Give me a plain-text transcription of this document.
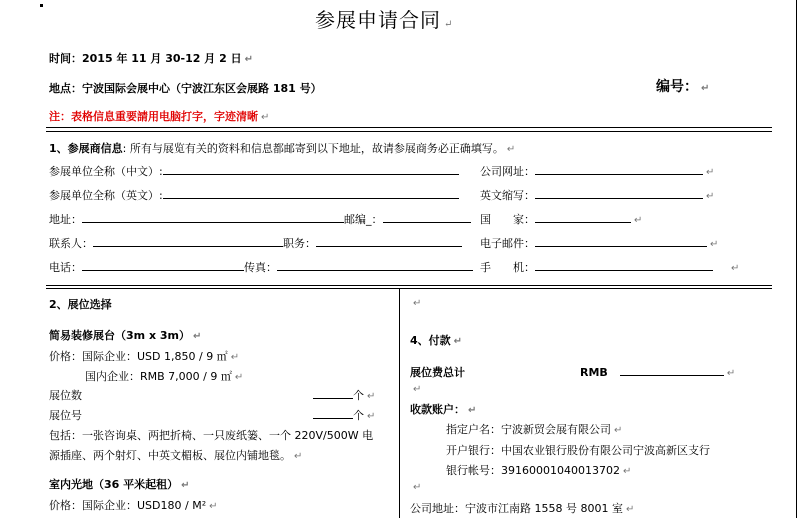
参展申请合同 ↵
时间：2015 年 11 月 30-12 月 2 日 ↵
地点：宁波国际会展中心（宁波江东区会展路 181 号）	编号： ↵
注：表格信息重要請用电脑打字，字迹清晰 ↵
1、参展商信息: 所有与展览有关的资料和信息都邮寄到以下地址，故请参展商务必正确填写。 ↵
参展单位全称（中文）:	公司网址：	↵
参展单位全称（英文）:	英文缩写：	↵
地址：	邮编_：	国　　家：	↵
联系人：	职务：	电子邮件：	↵
电话：	传真：	手　　机：	↵
2、展位选择	↵
简易装修展台（3m x 3m） ↵
价格：国际企业：USD 1,850 / 9 ㎡ ↵
国内企业：RMB 7,000 / 9 ㎡ ↵
展位数	个 ↵
展位号	个 ↵
包括：一张咨询桌、两把折椅、一只废纸篓、一个 220V/500W 电
源插座、两个射灯、中英文楣板、展位内铺地毯。 ↵
室内光地（36 平米起租） ↵
价格：国际企业：USD180 / M² ↵
4、付款 ↵
展位费总计	RMB	↵
↵
收款账户： ↵
指定户名：宁波新贸会展有限公司 ↵
开户银行：中国农业银行股份有限公司宁波高新区支行
银行帐号：39160001040013702 ↵
↵
公司地址：宁波市江南路 1558 号 8001 室 ↵
